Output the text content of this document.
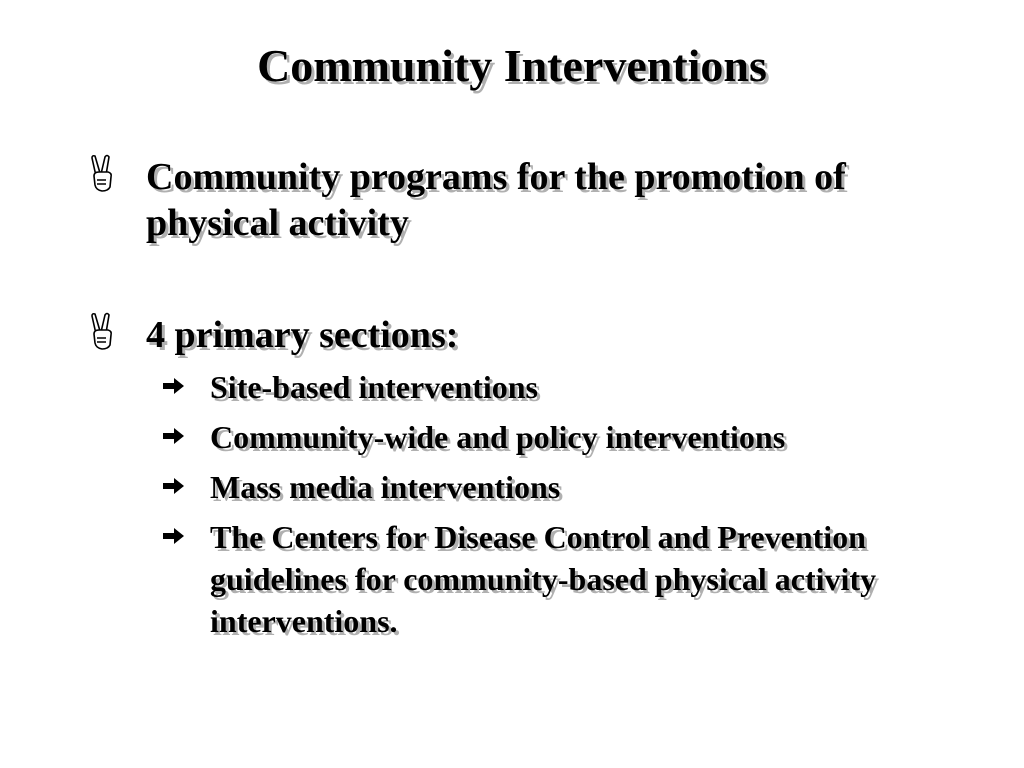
Community Interventions
Community programs for the promotion of physical activity
4 primary sections:
Site-based interventions
Community-wide and policy interventions
Mass media interventions
The Centers for Disease Control and Prevention guidelines for community-based physical activity interventions.
